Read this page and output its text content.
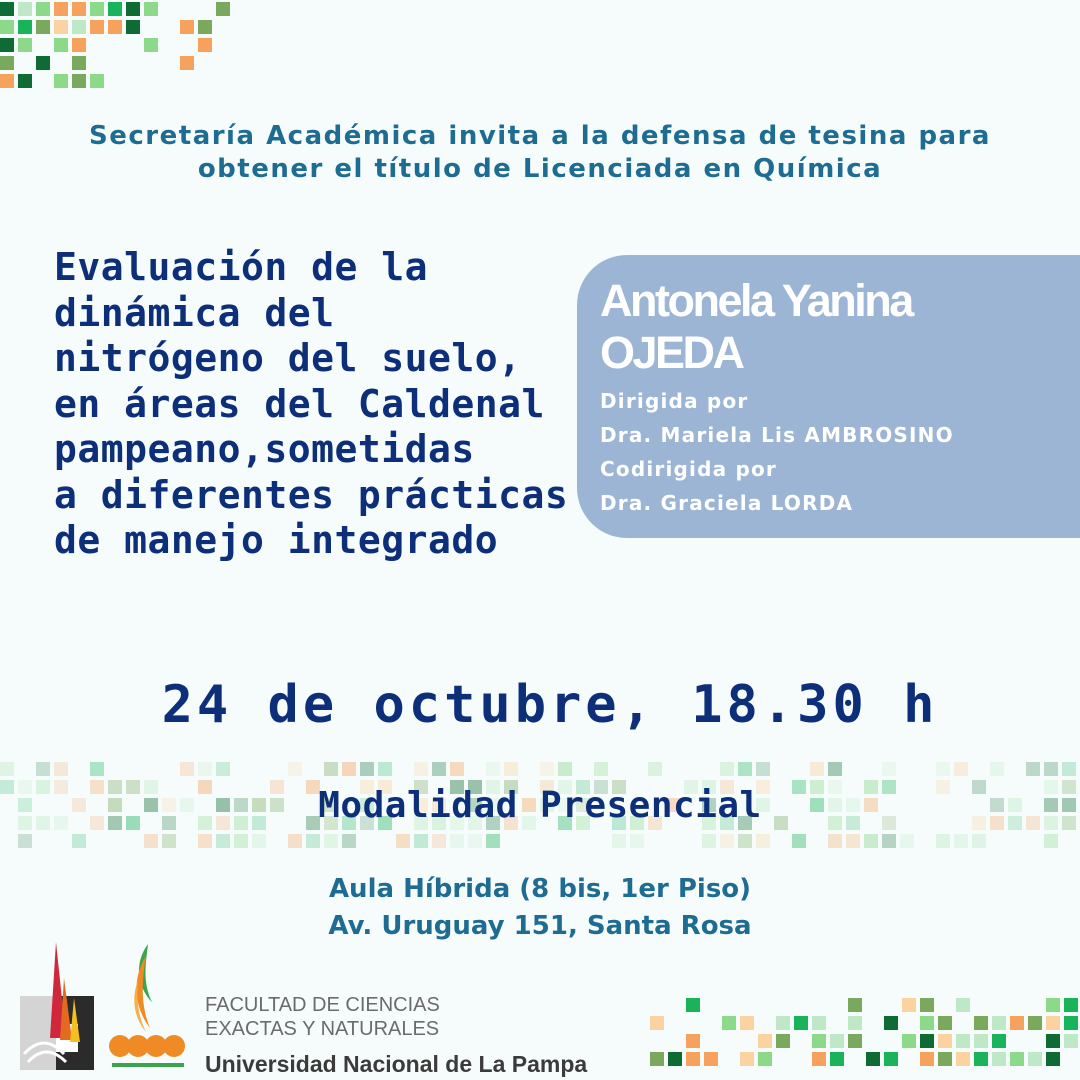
Secretaría Académica invita a la defensa de tesina para
obtener el título de Licenciada en Química
Evaluación de la
dinámica del
nitrógeno del suelo,
en áreas del Caldenal
pampeano,sometidas
a diferentes prácticas
de manejo integrado
Antonela Yanina
OJEDA
Dirigida por
Dra. Mariela Lis AMBROSINO
Codirigida por
Dra. Graciela LORDA
24 de octubre, 18.30 h
Modalidad Presencial
Aula Híbrida (8 bis, 1er Piso)
Av. Uruguay 151, Santa Rosa
FACULTAD DE CIENCIAS
EXACTAS Y NATURALES
Universidad Nacional de La Pampa
